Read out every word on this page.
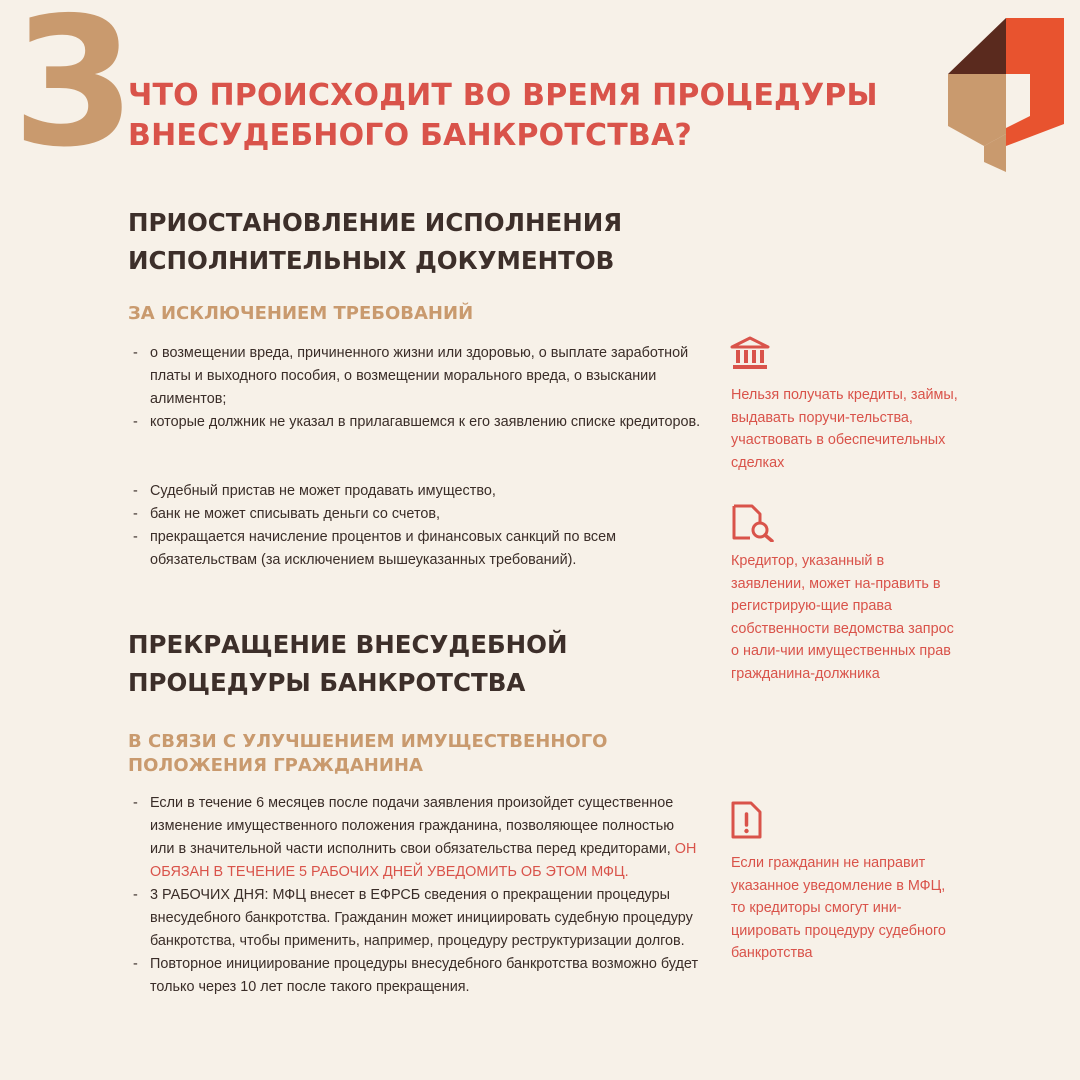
3
ЧТО ПРОИСХОДИТ ВО ВРЕМЯ ПРОЦЕДУРЫ ВНЕСУДЕБНОГО БАНКРОТСТВА?
ПРИОСТАНОВЛЕНИЕ ИСПОЛНЕНИЯ
ИСПОЛНИТЕЛЬНЫХ ДОКУМЕНТОВ
ЗА ИСКЛЮЧЕНИЕМ ТРЕБОВАНИЙ
- о возмещении вреда, причиненного жизни или здоровью, о выплате заработной платы и выходного пособия, о возмещении морального вреда, о взыскании алиментов;
- которые должник не указал в прилагавшемся к его заявлению списке кредиторов.
- Судебный пристав не может продавать имущество,
- банк не может списывать деньги со счетов,
- прекращается начисление процентов и финансовых санкций по всем обязательствам (за исключением вышеуказанных требований).
ПРЕКРАЩЕНИЕ ВНЕСУДЕБНОЙ
ПРОЦЕДУРЫ БАНКРОТСТВА
В СВЯЗИ С УЛУЧШЕНИЕМ ИМУЩЕСТВЕННОГО
ПОЛОЖЕНИЯ ГРАЖДАНИНА
- Если в течение 6 месяцев после подачи заявления произойдет существенное изменение имущественного положения гражданина, позволяющее полностью или в значительной части исполнить свои обязательства перед кредиторами, ОН ОБЯЗАН В ТЕЧЕНИЕ 5 РАБОЧИХ ДНЕЙ УВЕДОМИТЬ ОБ ЭТОМ МФЦ.
- 3 РАБОЧИХ ДНЯ: МФЦ внесет в ЕФРСБ сведения о прекращении процедуры внесудебного банкротства. Гражданин может инициировать судебную процедуру банкротства, чтобы применить, например, процедуру реструктуризации долгов.
- Повторное инициирование процедуры внесудебного банкротства возможно будет только через 10 лет после такого прекращения.

Нельзя получать кредиты, займы, выдавать поручи-тельства, участвовать в обеспечительных сделках

Кредитор, указанный в заявлении, может на-править в регистрирую-щие права собственности ведомства запрос о нали-чии имущественных прав гражданина-должника

Если гражданин не направит указанное уведомление в МФЦ, то кредиторы смогут ини-циировать процедуру судебного банкротства
